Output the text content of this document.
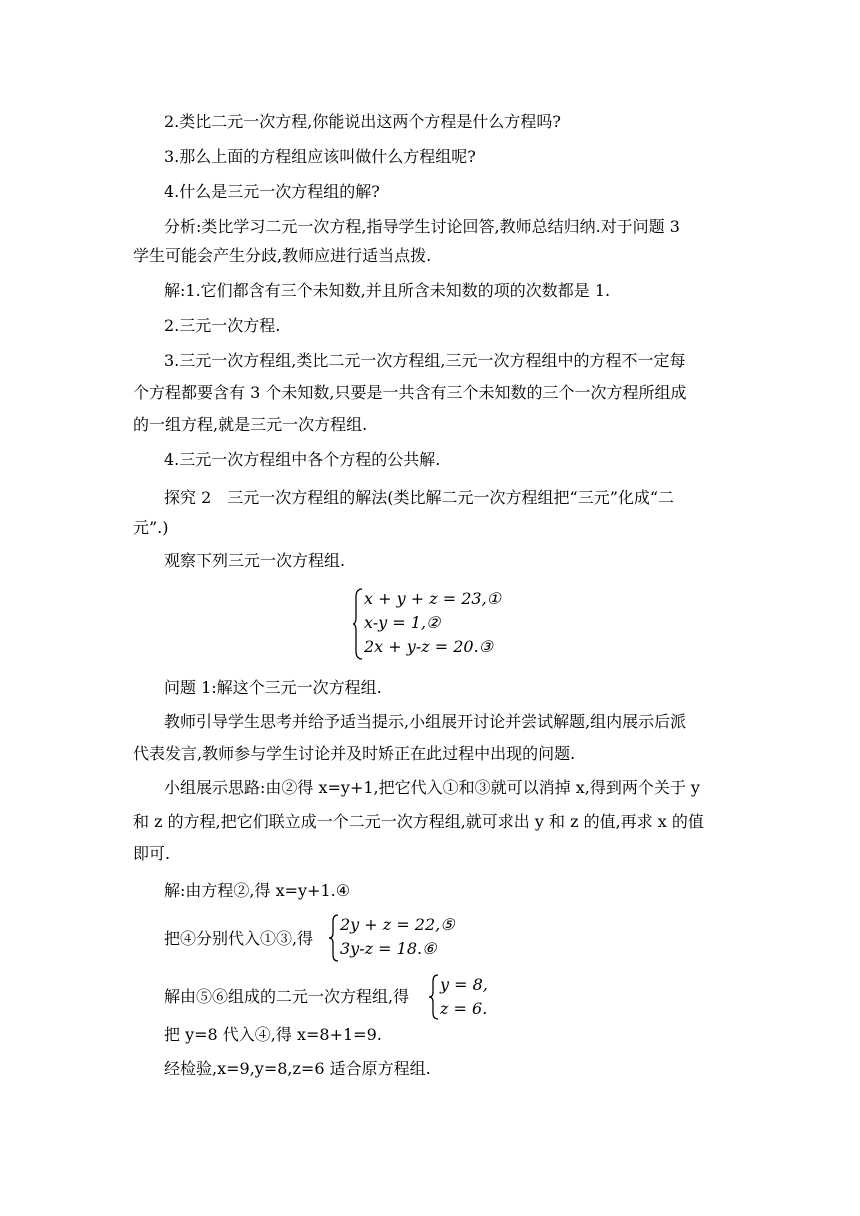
2.类比二元一次方程,你能说出这两个方程是什么方程吗?
3.那么上面的方程组应该叫做什么方程组呢?
4.什么是三元一次方程组的解?
分析:类比学习二元一次方程,指导学生讨论回答,教师总结归纳.对于问题 3
学生可能会产生分歧,教师应进行适当点拨.
解:1.它们都含有三个未知数,并且所含未知数的项的次数都是 1.
2.三元一次方程.
3.三元一次方程组,类比二元一次方程组,三元一次方程组中的方程不一定每
个方程都要含有 3 个未知数,只要是一共含有三个未知数的三个一次方程所组成
的一组方程,就是三元一次方程组.
4.三元一次方程组中各个方程的公共解.
探究 2　三元一次方程组的解法(类比解二元一次方程组把“三元”化成“二
元”.)
观察下列三元一次方程组.
x + y + z = 23,①
x-y = 1,②
2x + y-z = 20.③
问题 1:解这个三元一次方程组.
教师引导学生思考并给予适当提示,小组展开讨论并尝试解题,组内展示后派
代表发言,教师参与学生讨论并及时矫正在此过程中出现的问题.
小组展示思路:由②得 x=y+1,把它代入①和③就可以消掉 x,得到两个关于 y
和 z 的方程,把它们联立成一个二元一次方程组,就可求出 y 和 z 的值,再求 x 的值
即可.
解:由方程②,得 x=y+1.④
把④分别代入①③,得
2y + z = 22,⑤
3y-z = 18.⑥
解由⑤⑥组成的二元一次方程组,得
y = 8,
z = 6.
把 y=8 代入④,得 x=8+1=9.
经检验,x=9,y=8,z=6 适合原方程组.
